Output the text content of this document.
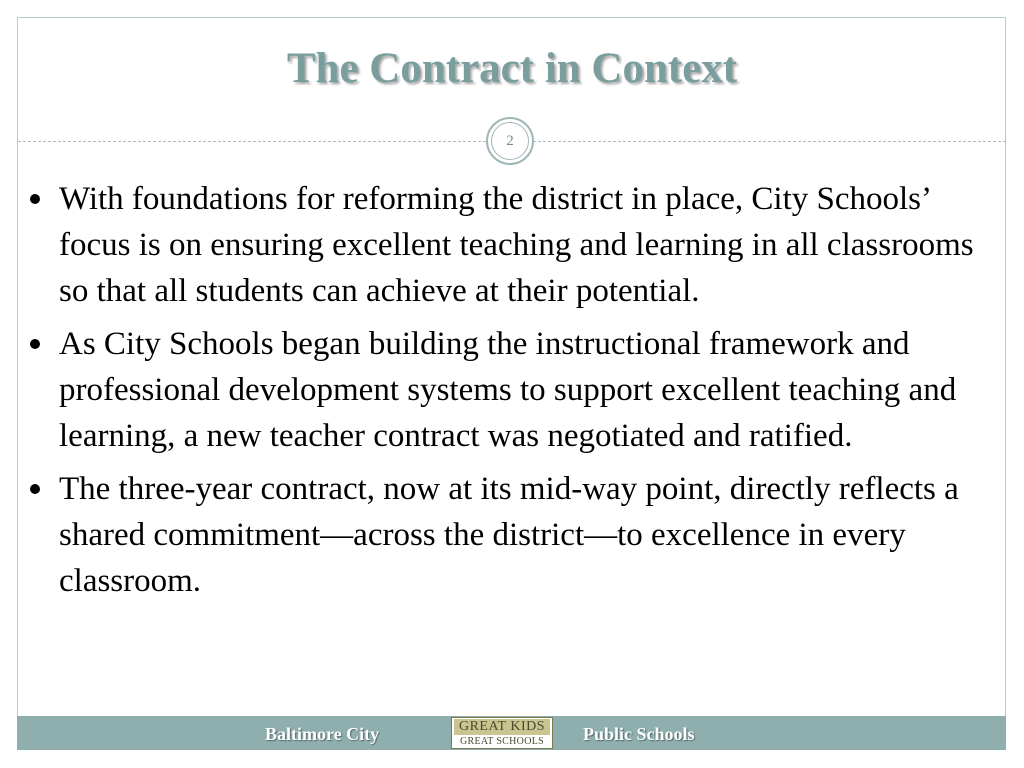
The Contract in Context
2
With foundations for reforming the district in place, City Schools’ focus is on ensuring excellent teaching and learning in all classrooms so that all students can achieve at their potential.
As City Schools began building the instructional framework and professional development systems to support excellent teaching and learning, a new teacher contract was negotiated and ratified.
The three-year contract, now at its mid-way point, directly reflects a shared commitment—across the district—to excellence in every classroom.
Baltimore City	GREAT KIDS
GREAT SCHOOLS	Public Schools
